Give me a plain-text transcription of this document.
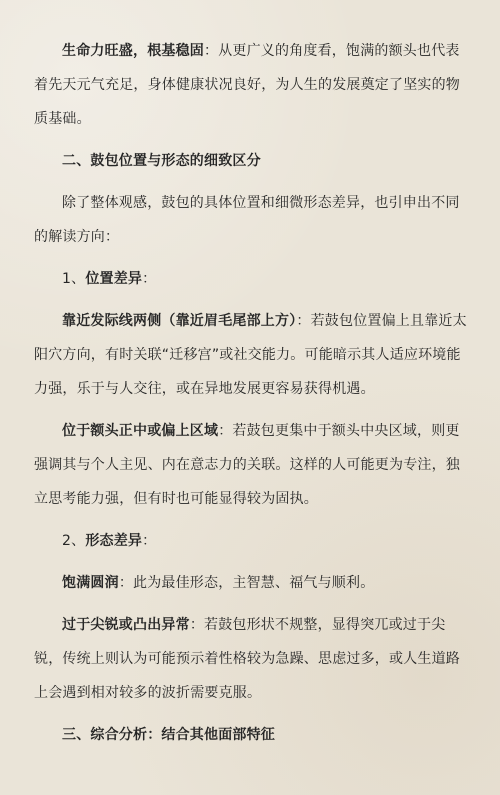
生命力旺盛，根基稳固：从更广义的角度看，饱满的额头也代表着先天元气充足，身体健康状况良好，为人生的发展奠定了坚实的物质基础。

二、鼓包位置与形态的细致区分

除了整体观感，鼓包的具体位置和细微形态差异，也引申出不同的解读方向：

1、位置差异：

靠近发际线两侧（靠近眉毛尾部上方）：若鼓包位置偏上且靠近太阳穴方向，有时关联“迁移宫”或社交能力。可能暗示其人适应环境能力强，乐于与人交往，或在异地发展更容易获得机遇。

位于额头正中或偏上区域：若鼓包更集中于额头中央区域，则更强调其与个人主见、内在意志力的关联。这样的人可能更为专注，独立思考能力强，但有时也可能显得较为固执。

2、形态差异：

饱满圆润：此为最佳形态，主智慧、福气与顺利。

过于尖锐或凸出异常：若鼓包形状不规整，显得突兀或过于尖锐，传统上则认为可能预示着性格较为急躁、思虑过多，或人生道路上会遇到相对较多的波折需要克服。

三、综合分析：结合其他面部特征
